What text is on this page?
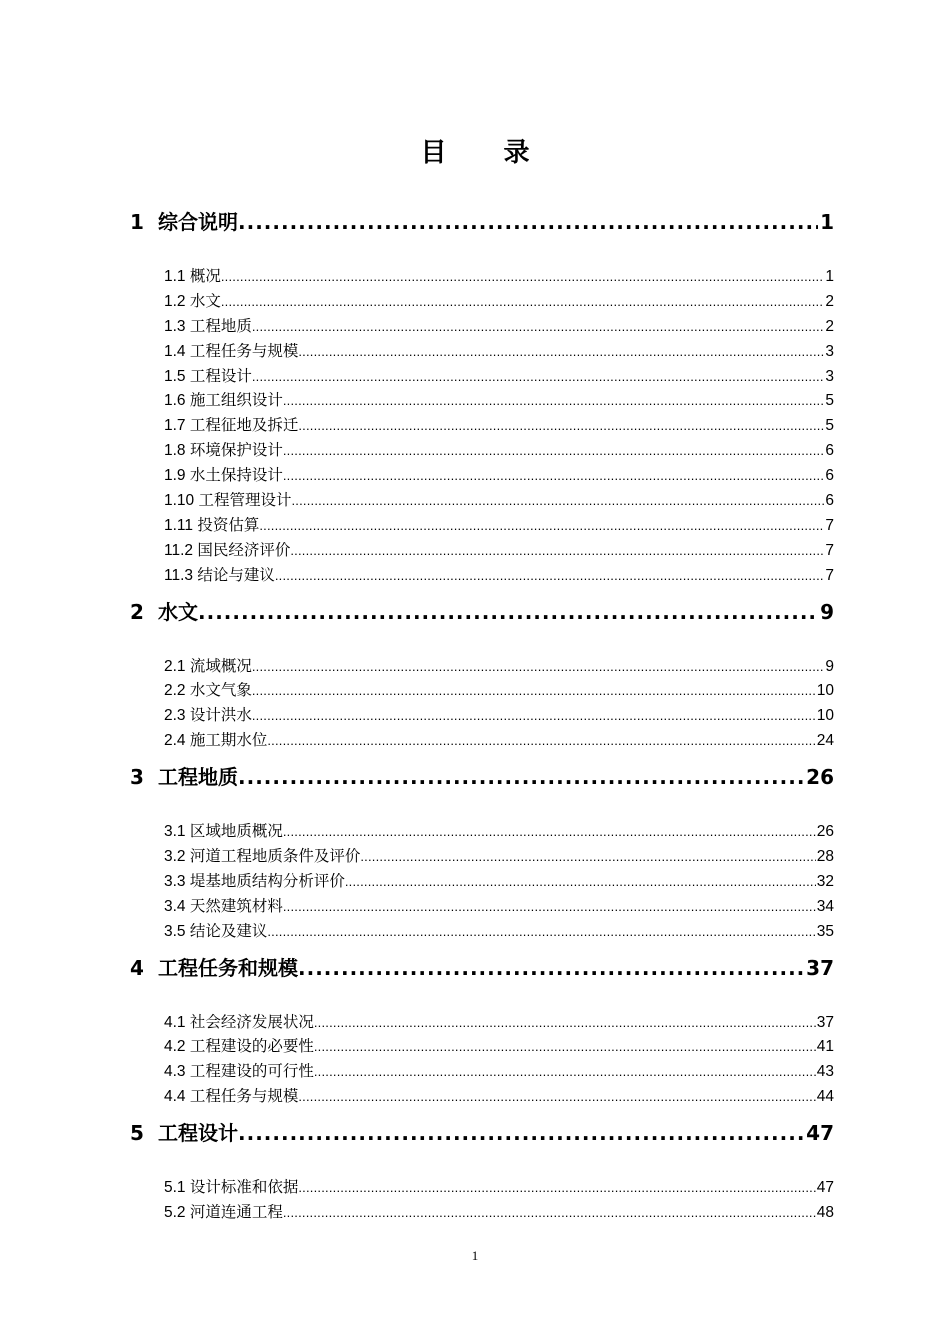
目 录
1 综合说明 .....	1
1.1 概况 .....	1
1.2 水文 .....	2
1.3 工程地质 .....	2
1.4 工程任务与规模 .....	3
1.5 工程设计 .....	3
1.6 施工组织设计 .....	5
1.7 工程征地及拆迁 .....	5
1.8 环境保护设计 .....	6
1.9 水土保持设计 .....	6
1.10 工程管理设计 .....	6
1.11 投资估算 .....	7
11.2 国民经济评价 .....	7
11.3 结论与建议 .....	7
2 水文 .....	9
2.1 流域概况 .....	9
2.2 水文气象 .....	10
2.3 设计洪水 .....	10
2.4 施工期水位 .....	24
3 工程地质 .....	26
3.1 区域地质概况 .....	26
3.2 河道工程地质条件及评价 .....	28
3.3 堤基地质结构分析评价 .....	32
3.4 天然建筑材料 .....	34
3.5 结论及建议 .....	35
4 工程任务和规模 .....	37
4.1 社会经济发展状况 .....	37
4.2 工程建设的必要性 .....	41
4.3 工程建设的可行性 .....	43
4.4 工程任务与规模 .....	44
5 工程设计 .....	47
5.1 设计标准和依据 .....	47
5.2 河道连通工程 .....	48
1
